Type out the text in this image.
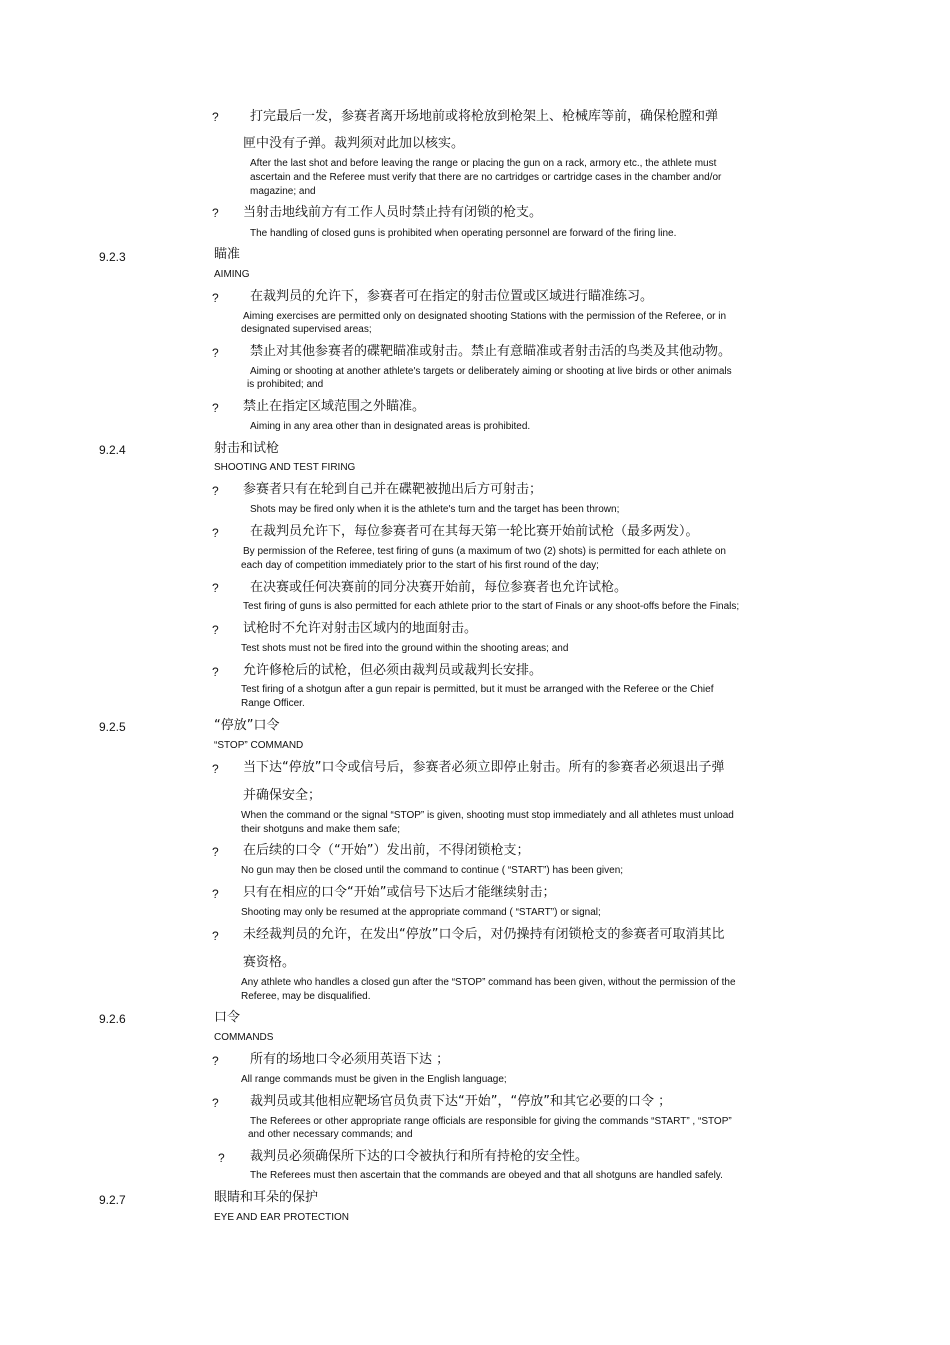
? 打完最后一发，参赛者离开场地前或将枪放到枪架上、枪械库等前，确保枪膛和弹
匣中没有子弹。裁判须对此加以核实。
After the last shot and before leaving the range or placing the gun on a rack, armory etc., the athlete must
ascertain and the Referee must verify that there are no cartridges or cartridge cases in the chamber and/or
magazine; and
? 当射击地线前方有工作人员时禁止持有闭锁的枪支。
The handling of closed guns is prohibited when operating personnel are forward of the firing line.
9.2.3	瞄准
AIMING
? 在裁判员的允许下，参赛者可在指定的射击位置或区域进行瞄准练习。
Aiming exercises are permitted only on designated shooting Stations with the permission of the Referee, or in
designated supervised areas;
? 禁止对其他参赛者的碟靶瞄准或射击。禁止有意瞄准或者射击活的鸟类及其他动物。
Aiming or shooting at another athlete's targets or deliberately aiming or shooting at live birds or other animals
is prohibited; and
? 禁止在指定区域范围之外瞄准。
Aiming in any area other than in designated areas is prohibited.
9.2.4	射击和试枪
SHOOTING AND TEST FIRING
? 参赛者只有在轮到自己并在碟靶被抛出后方可射击；
Shots may be fired only when it is the athlete's turn and the target has been thrown;
? 在裁判员允许下，每位参赛者可在其每天第一轮比赛开始前试枪（最多两发）。
By permission of the Referee, test firing of guns (a maximum of two (2) shots) is permitted for each athlete on
each day of competition immediately prior to the start of his first round of the day;
? 在决赛或任何决赛前的同分决赛开始前，每位参赛者也允许试枪。
Test firing of guns is also permitted for each athlete prior to the start of Finals or any shoot-offs before the Finals;
? 试枪时不允许对射击区域内的地面射击。
Test shots must not be fired into the ground within the shooting areas; and
? 允许修枪后的试枪，但必须由裁判员或裁判长安排。
Test firing of a shotgun after a gun repair is permitted, but it must be arranged with the Referee or the Chief
Range Officer.
9.2.5	“停放”口令
“STOP” COMMAND
? 当下达“停放”口令或信号后，参赛者必须立即停止射击。所有的参赛者必须退出子弹
并确保安全；
When the command or the signal “STOP” is given, shooting must stop immediately and all athletes must unload
their shotguns and make them safe;
? 在后续的口令（“开始”）发出前，不得闭锁枪支；
No gun may then be closed until the command to continue ( “START”) has been given;
? 只有在相应的口令“开始”或信号下达后才能继续射击；
Shooting may only be resumed at the appropriate command ( “START”) or signal;
? 未经裁判员的允许，在发出“停放”口令后，对仍操持有闭锁枪支的参赛者可取消其比
赛资格。
Any athlete who handles a closed gun after the “STOP” command has been given, without the permission of the
Referee, may be disqualified.
9.2.6	口令
COMMANDS
? 所有的场地口令必须用英语下达 ；
All range commands must be given in the English language;
? 裁判员或其他相应靶场官员负责下达“开始”，“停放”和其它必要的口令 ；
The Referees or other appropriate range officials are responsible for giving the commands “START” , “STOP”
and other necessary commands; and
? 裁判员必须确保所下达的口令被执行和所有持枪的安全性。
The Referees must then ascertain that the commands are obeyed and that all shotguns are handled safely.
9.2.7	眼睛和耳朵的保护
EYE AND EAR PROTECTION
